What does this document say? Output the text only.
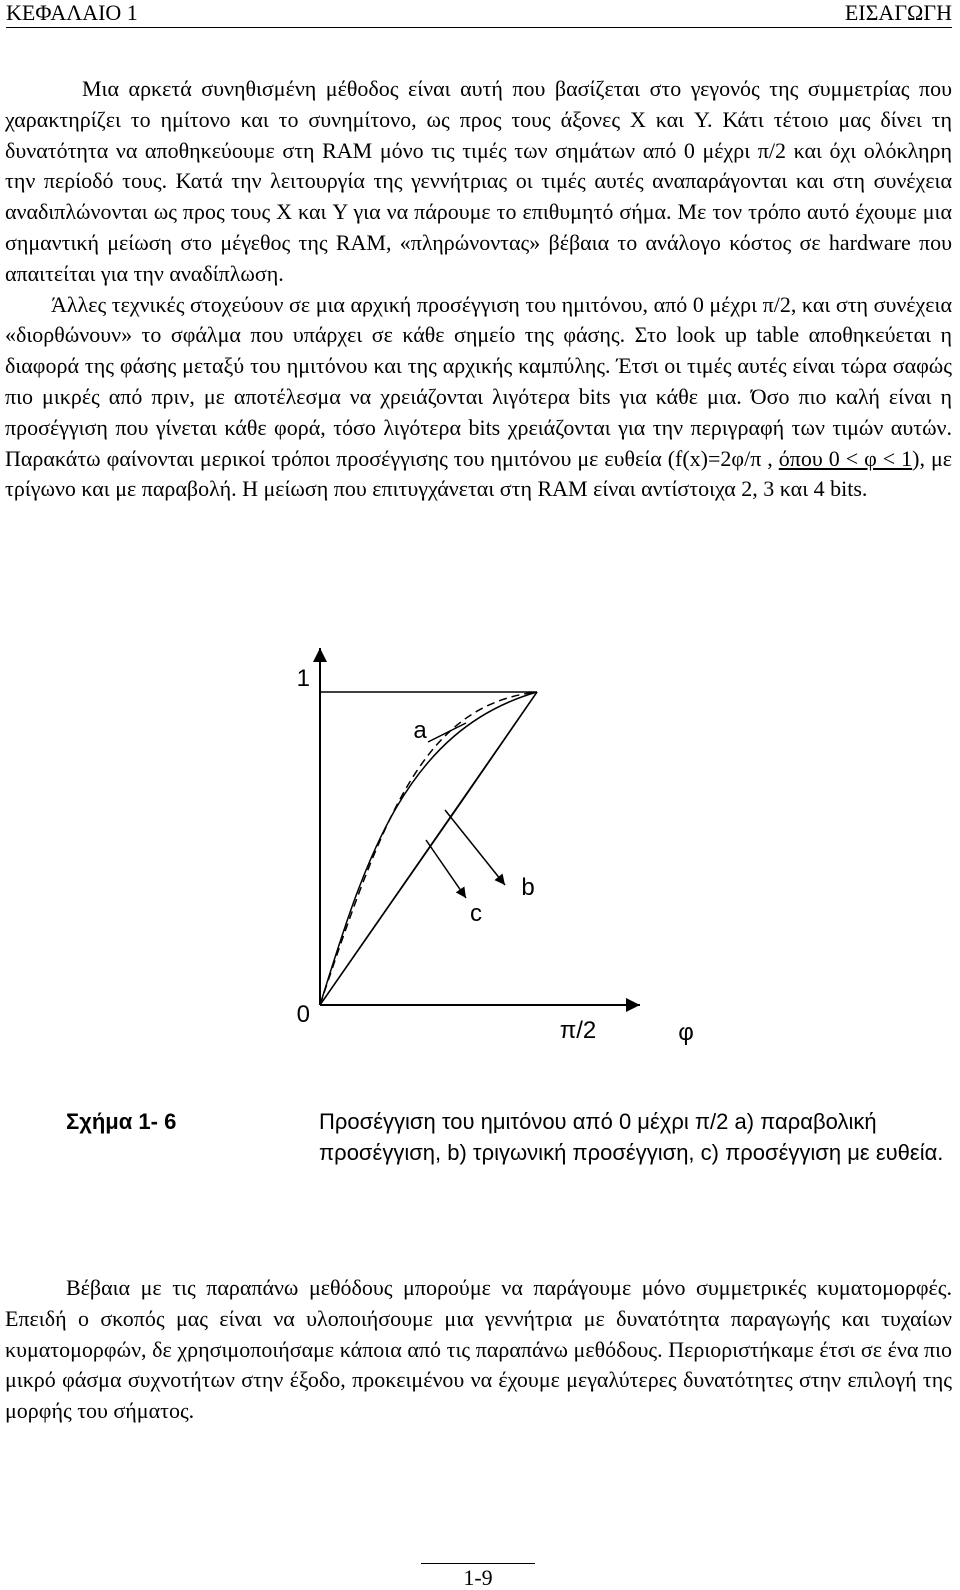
ΚΕΦΑΛΑΙΟ 1	ΕΙΣΑΓΩΓΗ

Μια αρκετά συνηθισμένη μέθοδος είναι αυτή που βασίζεται στο γεγονός της συμμετρίας που χαρακτηρίζει το ημίτονο και το συνημίτονο, ως προς τους άξονες X και Y. Κάτι τέτοιο μας δίνει τη δυνατότητα να αποθηκεύουμε στη RAM μόνο τις τιμές των σημάτων από 0 μέχρι π/2 και όχι ολόκληρη την περίοδό τους. Κατά την λειτουργία της γεννήτριας οι τιμές αυτές αναπαράγονται και στη συνέχεια αναδιπλώνονται ως προς τους X και Y για να πάρουμε το επιθυμητό σήμα. Με τον τρόπο αυτό έχουμε μια σημαντική μείωση στο μέγεθος της RAM, «πληρώνοντας» βέβαια το ανάλογο κόστος σε hardware που απαιτείται για την αναδίπλωση.

Άλλες τεχνικές στοχεύουν σε μια αρχική προσέγγιση του ημιτόνου, από 0 μέχρι π/2, και στη συνέχεια «διορθώνουν» το σφάλμα που υπάρχει σε κάθε σημείο της φάσης. Στο look up table αποθηκεύεται η διαφορά της φάσης μεταξύ του ημιτόνου και της αρχικής καμπύλης. Έτσι οι τιμές αυτές είναι τώρα σαφώς πιο μικρές από πριν, με αποτέλεσμα να χρειάζονται λιγότερα bits για κάθε μια. Όσο πιο καλή είναι η προσέγγιση που γίνεται κάθε φορά, τόσο λιγότερα bits χρειάζονται για την περιγραφή των τιμών αυτών. Παρακάτω φαίνονται μερικοί τρόποι προσέγγισης του ημιτόνου με ευθεία (f(x)=2φ/π , όπου 0 < φ < 1), με τρίγωνο και με παραβολή. Η μείωση που επιτυγχάνεται στη RAM είναι αντίστοιχα 2, 3 και 4 bits.

1
0
π/2	φ
a
b
c
Σχήμα 1- 6	Προσέγγιση του ημιτόνου από 0 μέχρι π/2 a) παραβολική προσέγγιση, b) τριγωνική προσέγγιση, c) προσέγγιση με ευθεία.

Βέβαια με τις παραπάνω μεθόδους μπορούμε να παράγουμε μόνο συμμετρικές κυματομορφές. Επειδή ο σκοπός μας είναι να υλοποιήσουμε μια γεννήτρια με δυνατότητα παραγωγής και τυχαίων κυματομορφών, δε χρησιμοποιήσαμε κάποια από τις παραπάνω μεθόδους. Περιοριστήκαμε έτσι σε ένα πιο μικρό φάσμα συχνοτήτων στην έξοδο, προκειμένου να έχουμε μεγαλύτερες δυνατότητες στην επιλογή της μορφής του σήματος.

1-9
